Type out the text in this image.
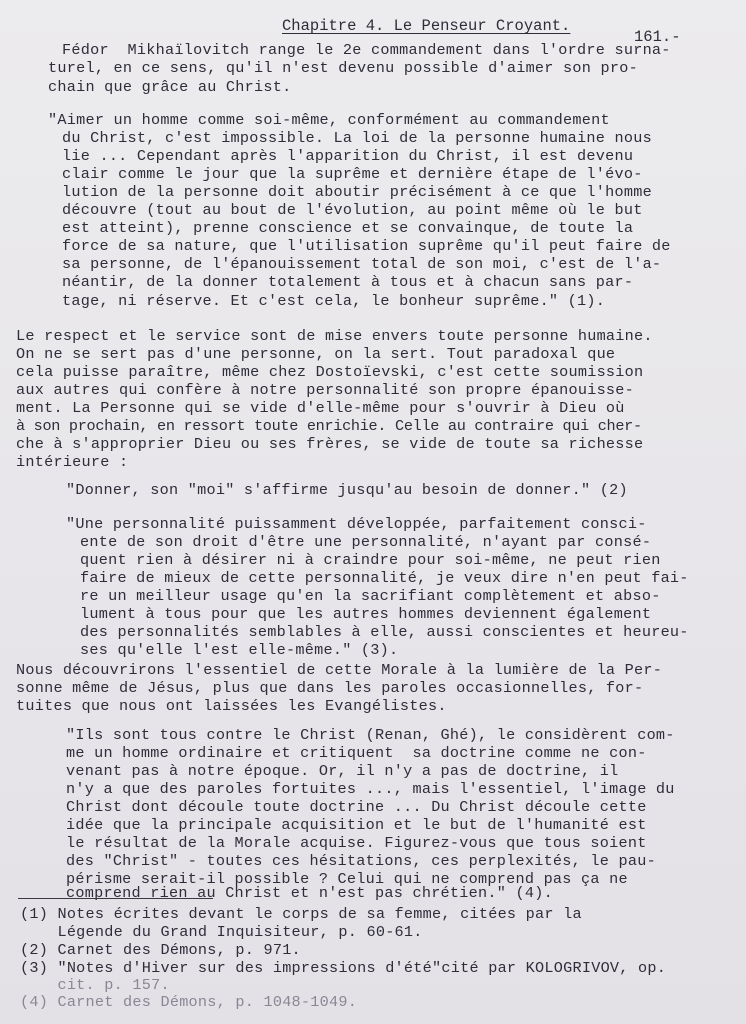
Chapitre 4. Le Penseur Croyant.
161.-
Fédor  Mikhaïlovitch range le 2e commandement dans l'ordre surna-
turel, en ce sens, qu'il n'est devenu possible d'aimer son pro-
chain que grâce au Christ.
"Aimer un homme comme soi-même, conformément au commandement
du Christ, c'est impossible. La loi de la personne humaine nous
lie ... Cependant après l'apparition du Christ, il est devenu
clair comme le jour que la suprême et dernière étape de l'évo-
lution de la personne doit aboutir précisément à ce que l'homme
découvre (tout au bout de l'évolution, au point même où le but
est atteint), prenne conscience et se convainque, de toute la
force de sa nature, que l'utilisation suprême qu'il peut faire de
sa personne, de l'épanouissement total de son moi, c'est de l'a-
néantir, de la donner totalement à tous et à chacun sans par-
tage, ni réserve. Et c'est cela, le bonheur suprême." (1).
Le respect et le service sont de mise envers toute personne humaine.
On ne se sert pas d'une personne, on la sert. Tout paradoxal que
cela puisse paraître, même chez Dostoïevski, c'est cette soumission
aux autres qui confère à notre personnalité son propre épanouisse-
ment. La Personne qui se vide d'elle-même pour s'ouvrir à Dieu où
à son prochain, en ressort toute enrichie. Celle au contraire qui cher-
che à s'approprier Dieu ou ses frères, se vide de toute sa richesse
intérieure :
"Donner, son "moi" s'affirme jusqu'au besoin de donner." (2)
"Une personnalité puissamment développée, parfaitement consci-
ente de son droit d'être une personnalité, n'ayant par consé-
quent rien à désirer ni à craindre pour soi-même, ne peut rien
faire de mieux de cette personnalité, je veux dire n'en peut fai-
re un meilleur usage qu'en la sacrifiant complètement et abso-
lument à tous pour que les autres hommes deviennent également
des personnalités semblables à elle, aussi conscientes et heureu-
ses qu'elle l'est elle-même." (3).
Nous découvrirons l'essentiel de cette Morale à la lumière de la Per-
sonne même de Jésus, plus que dans les paroles occasionnelles, for-
tuites que nous ont laissées les Evangélistes.
"Ils sont tous contre le Christ (Renan, Ghé), le considèrent com-
me un homme ordinaire et critiquent  sa doctrine comme ne con-
venant pas à notre époque. Or, il n'y a pas de doctrine, il
n'y a que des paroles fortuites ..., mais l'essentiel, l'image du
Christ dont découle toute doctrine ... Du Christ découle cette
idée que la principale acquisition et le but de l'humanité est
le résultat de la Morale acquise. Figurez-vous que tous soient
des "Christ" - toutes ces hésitations, ces perplexités, le pau-
périsme serait-il possible ? Celui qui ne comprend pas ça ne
comprend rien au Christ et n'est pas chrétien." (4).
(1) Notes écrites devant le corps de sa femme, citées par la
Légende du Grand Inquisiteur, p. 60-61.
(2) Carnet des Démons, p. 971.
(3) "Notes d'Hiver sur des impressions d'été"cité par KOLOGRIVOV, op.
cit. p. 157.
(4) Carnet des Démons, p. 1048-1049.
